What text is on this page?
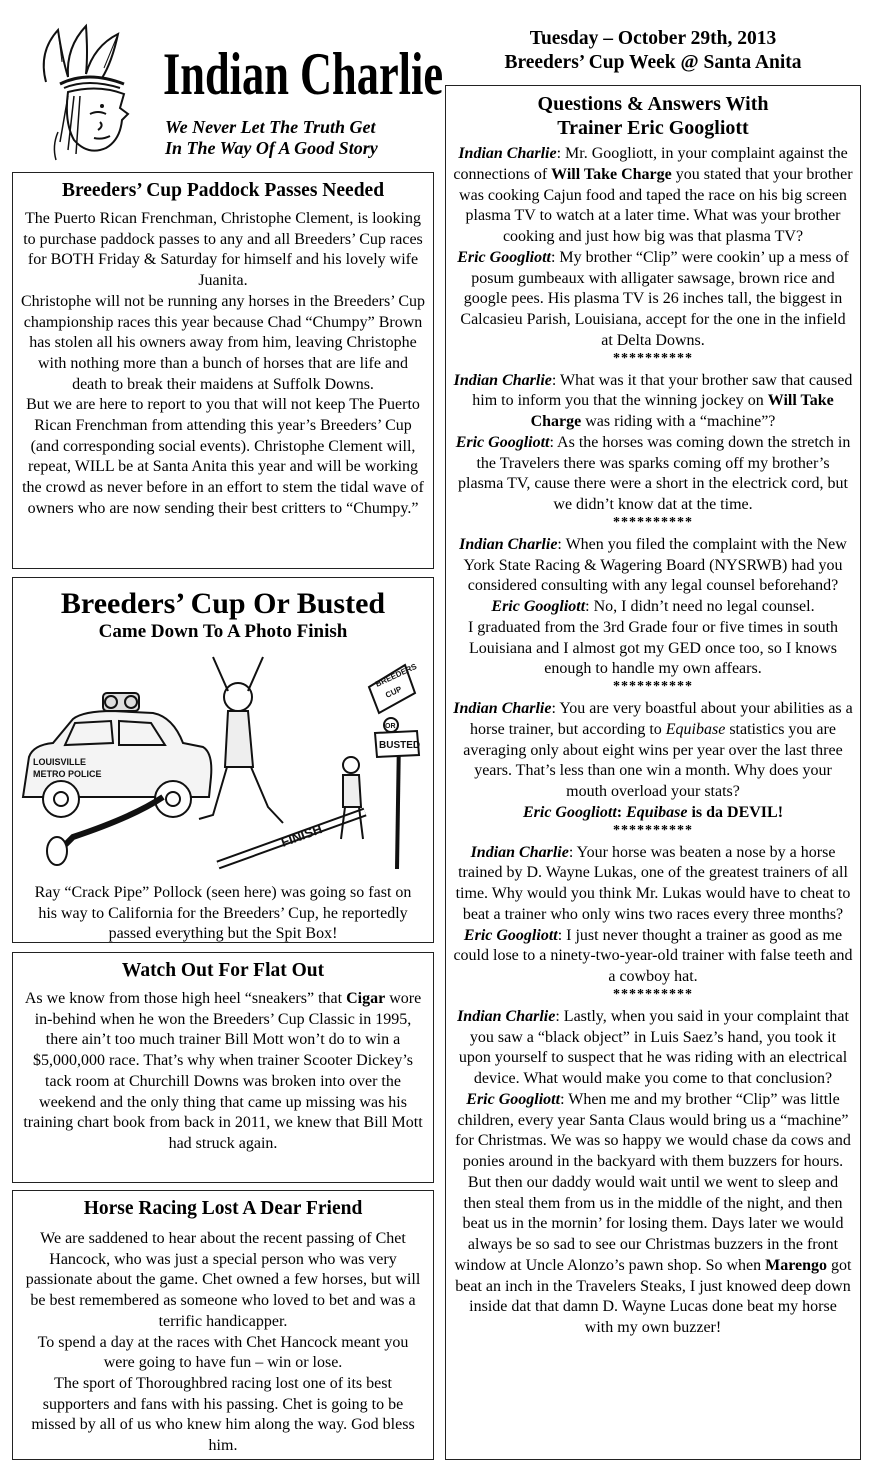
Indian Charlie
We Never Let The Truth Get
In The Way Of A Good Story
Tuesday – October 29th, 2013
Breeders’ Cup Week @ Santa Anita
Breeders’ Cup Paddock Passes Needed

The Puerto Rican Frenchman, Christophe Clement, is looking to purchase paddock passes to any and all Breeders’ Cup races for BOTH Friday & Saturday for himself and his lovely wife Juanita.

Christophe will not be running any horses in the Breeders’ Cup championship races this year because Chad “Chumpy” Brown has stolen all his owners away from him, leaving Christophe with nothing more than a bunch of horses that are life and death to break their maidens at Suffolk Downs.

But we are here to report to you that will not keep The Puerto Rican Frenchman from attending this year’s Breeders’ Cup (and corresponding social events). Christophe Clement will, repeat, WILL be at Santa Anita this year and will be working the crowd as never before in an effort to stem the tidal wave of owners who are now sending their best critters to “Chumpy.”

Breeders’ Cup Or Busted
Came Down To A Photo Finish
LOUISVILLE
METRO POLICE
FINISH
BREEDERS
CUP
OR
BUSTED
Ray “Crack Pipe” Pollock (seen here) was going so fast on his way to California for the Breeders’ Cup, he reportedly passed everything but the Spit Box!
Watch Out For Flat Out
As we know from those high heel “sneakers” that Cigar wore in-behind when he won the Breeders’ Cup Classic in 1995, there ain’t too much trainer Bill Mott won’t do to win a $5,000,000 race. That’s why when trainer Scooter Dickey’s tack room at Churchill Downs was broken into over the weekend and the only thing that came up missing was his training chart book from back in 2011, we knew that Bill Mott had struck again.
Horse Racing Lost A Dear Friend

We are saddened to hear about the recent passing of Chet Hancock, who was just a special person who was very passionate about the game. Chet owned a few horses, but will be best remembered as someone who loved to bet and was a terrific handicapper.

To spend a day at the races with Chet Hancock meant you were going to have fun – win or lose.

The sport of Thoroughbred racing lost one of its best supporters and fans with his passing. Chet is going to be missed by all of us who knew him along the way. God bless him.

Questions & Answers With
Trainer Eric Googliott

Indian Charlie: Mr. Googliott, in your complaint against the connections of Will Take Charge you stated that your brother was cooking Cajun food and taped the race on his big screen plasma TV to watch at a later time. What was your brother cooking and just how big was that plasma TV?

Eric Googliott: My brother “Clip” were cookin’ up a mess of posum gumbeaux with alligater sawsage, brown rice and google pees. His plasma TV is 26 inches tall, the biggest in Calcasieu Parish, Louisiana, accept for the one in the infield at Delta Downs.

**********

Indian Charlie: What was it that your brother saw that caused him to inform you that the winning jockey on Will Take Charge was riding with a “machine”?

Eric Googliott: As the horses was coming down the stretch in the Travelers there was sparks coming off my brother’s plasma TV, cause there were a short in the electrick cord, but we didn’t know dat at the time.

**********

Indian Charlie: When you filed the complaint with the New York State Racing & Wagering Board (NYSRWB) had you considered consulting with any legal counsel beforehand?

Eric Googliott: No, I didn’t need no legal counsel.

I graduated from the 3rd Grade four or five times in south Louisiana and I almost got my GED once too, so I knows enough to handle my own affears.

**********

Indian Charlie: You are very boastful about your abilities as a horse trainer, but according to Equibase statistics you are averaging only about eight wins per year over the last three years. That’s less than one win a month. Why does your mouth overload your stats?

Eric Googliott: Equibase is da DEVIL!

**********

Indian Charlie: Your horse was beaten a nose by a horse trained by D. Wayne Lukas, one of the greatest trainers of all time. Why would you think Mr. Lukas would have to cheat to beat a trainer who only wins two races every three months?

Eric Googliott: I just never thought a trainer as good as me could lose to a ninety-two-year-old trainer with false teeth and a cowboy hat.

**********

Indian Charlie: Lastly, when you said in your complaint that you saw a “black object” in Luis Saez’s hand, you took it upon yourself to suspect that he was riding with an electrical device. What would make you come to that conclusion?

Eric Googliott: When me and my brother “Clip” was little children, every year Santa Claus would bring us a “machine” for Christmas. We was so happy we would chase da cows and ponies around in the backyard with them buzzers for hours. But then our daddy would wait until we went to sleep and then steal them from us in the middle of the night, and then beat us in the mornin’ for losing them. Days later we would always be so sad to see our Christmas buzzers in the front window at Uncle Alonzo’s pawn shop. So when Marengo got beat an inch in the Travelers Steaks, I just knowed deep down inside dat that damn D. Wayne Lucas done beat my horse with my own buzzer!
